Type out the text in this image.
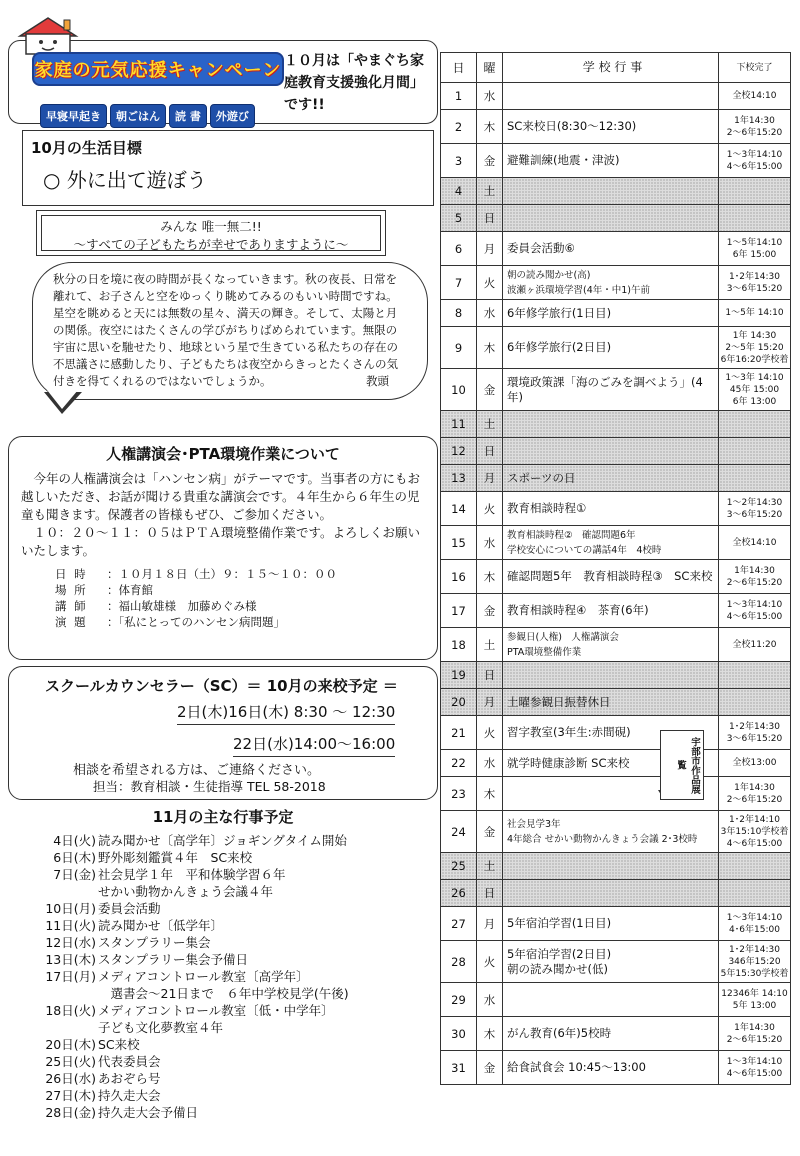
家庭の元気応援キャンペーン
早寝早起き	朝ごはん	読 書	外遊び
１０月は「やまぐち家庭教育支援強化月間」です!!
10月の生活目標
○ 外に出て遊ぼう
みんな 唯一無二!!
～すべての子どもたちが幸せでありますように～
秋分の日を境に夜の時間が長くなっていきます。秋の夜長、日常を離れて、お子さんと空をゆっくり眺めてみるのもいい時間ですね。星空を眺めると天には無数の星々、満天の輝き。そして、太陽と月の関係。夜空にはたくさんの学びがちりばめられています。無限の宇宙に思いを馳せたり、地球という星で生きている私たちの存在の不思議さに感動したり、子どもたちは夜空からきっとたくさんの気付きを得てくれるのではないでしょうか。	教頭
人権講演会･PTA環境作業について
今年の人権講演会は「ハンセン病」がテーマです。当事者の方にもお越しいただき、お話が聞ける貴重な講演会です。４年生から６年生の児童も聞きます。保護者の皆様もぜひ、ご参加ください。
１０：２０～１１：０５はＰＴＡ環境整備作業です。よろしくお願いいたします。
日 時	：１０月１８日（土）９：１５～１０：００
場 所	：体育館
講 師	：福山敏雄様　加藤めぐみ様
演 題	：「私にとってのハンセン病問題」
スクールカウンセラー（SC）＝ 10月の来校予定 ＝
2日(木)16日(木) 8:30 ～ 12:30
22日(水)14:00～16:00
相談を希望される方は、ご連絡ください。
担当：教育相談・生徒指導 TEL 58-2018
11月の主な行事予定
4日(火) 読み聞かせ〔高学年〕ジョギングタイム開始
6日(木) 野外彫刻鑑賞４年　SC来校
7日(金) 社会見学１年　平和体験学習６年
せかい動物かんきょう会議４年
10日(月) 委員会活動
11日(火) 読み聞かせ〔低学年〕
12日(水) スタンプラリー集会
13日(木) スタンプラリー集会予備日
17日(月) メディアコントロール教室〔高学年〕
　選書会～21日まで　６年中学校見学(午後)
18日(火) メディアコントロール教室〔低・中学年〕
子ども文化夢教室４年
20日(木) SC来校
25日(火) 代表委員会
26日(水) あおぞら号
27日(木) 持久走大会
28日(金) 持久走大会予備日
日	曜	学 校 行 事	下校完了
1	水		全校14:10
2	木	SC来校日(8:30～12:30)	1年14:30
2～6年15:20
3	金	避難訓練(地震・津波)	1～3年14:10
4～6年15:00
4	土		
5	日		
6	月	委員会活動⑥	1～5年14:10
6年 15:00
7	火	朝の読み聞かせ(高)
波瀬ヶ浜環境学習(4年・中1)午前	1･2年14:30
3～6年15:20
8	水	6年修学旅行(1日目)	1～5年 14:10
9	木	6年修学旅行(2日目)	1年 14:30
2～5年 15:20
6年16:20学校着
10	金	環境政策課「海のごみを調べよう」(4年)	1～3年 14:10
45年 15:00
6年 13:00
11	土		
12	日		
13	月	スポーツの日	
14	火	教育相談時程①	1～2年14:30
3～6年15:20
15	水	教育相談時程②　確認問題6年
学校安心についての講話4年　4校時	全校14:10
16	木	確認問題5年　教育相談時程③　SC来校	1年14:30
2～6年15:20
17	金	教育相談時程④　茶育(6年)	1～3年14:10
4～6年15:00
18	土	参観日(人権)　人権講演会
PTA環境整備作業	全校11:20
19	日		
20	月	土曜参観日振替休日	
21	火	習字教室(3年生:赤間硯)	1･2年14:30
3～6年15:20
22	水	就学時健康診断 SC来校	全校13:00
23	木		1年14:30
2～6年15:20
24	金	社会見学3年
4年総合 せかい動物かんきょう会議 2･3校時	1･2年14:10
3年15:10学校着
4～6年15:00
25	土		
26	日		
27	月	5年宿泊学習(1日目)	1～3年14:10
4･6年15:00
28	火	5年宿泊学習(2日目)
朝の読み聞かせ(低)	1･2年14:30
346年15:20
5年15:30学校着
29	水		12346年 14:10
5年 13:00
30	木	がん教育(6年)5校時	1年14:30
2～6年15:20
31	金	給食試食会 10:45～13:00	1～3年14:10
4～6年15:00
宇部市作品展覧
